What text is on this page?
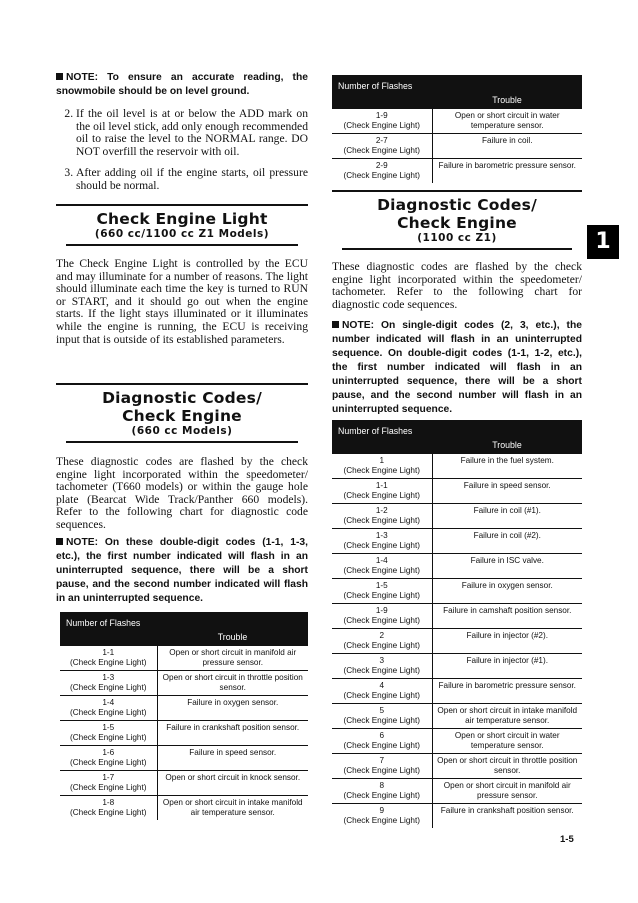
NOTE: To ensure an accurate reading, the snowmobile should be on level ground.
2. If the oil level is at or below the ADD mark on the oil level stick, add only enough recommended oil to raise the level to the NORMAL range. DO NOT overfill the reservoir with oil.
3. After adding oil if the engine starts, oil pressure should be normal.
Check Engine Light
(660 cc/1100 cc Z1 Models)

The Check Engine Light is controlled by the ECU and may illuminate for a number of reasons. The light should illuminate each time the key is turned to RUN or START, and it should go out when the engine starts. If the light stays illuminated or it illuminates while the engine is running, the ECU is receiving input that is outside of its established parameters.

Diagnostic Codes/
Check Engine
(660 cc Models)

These diagnostic codes are flashed by the check engine light incorporated within the speedometer/ tachometer (T660 models) or within the gauge hole plate (Bearcat Wide Track/Panther 660 models). Refer to the following chart for diagnostic code sequences.

NOTE: On these double-digit codes (1-1, 1-3, etc.), the first number indicated will flash in an uninterrupted sequence, there will be a short pause, and the second number indicated will flash in an uninterrupted sequence.
Number of Flashes	Trouble

1-1
(Check Engine Light)	Open or short circuit in manifold air pressure sensor.

1-3
(Check Engine Light)	Open or short circuit in throttle position sensor.

1-4
(Check Engine Light)	Failure in oxygen sensor.

1-5
(Check Engine Light)	Failure in crankshaft position sensor.

1-6
(Check Engine Light)	Failure in speed sensor.

1-7
(Check Engine Light)	Open or short circuit in knock sensor.

1-8
(Check Engine Light)	Open or short circuit in intake manifold air temperature sensor.
Number of Flashes	Trouble

1-9
(Check Engine Light)	Open or short circuit in water temperature sensor.

2-7
(Check Engine Light)	Failure in coil.

2-9
(Check Engine Light)	Failure in barometric pressure sensor.
Diagnostic Codes/
Check Engine
(1100 cc Z1)

These diagnostic codes are flashed by the check engine light incorporated within the speedometer/ tachometer. Refer to the following chart for diagnostic code sequences.

NOTE: On single-digit codes (2, 3, etc.), the number indicated will flash in an uninterrupted sequence. On double-digit codes (1-1, 1-2, etc.), the first number indicated will flash in an uninterrupted sequence, there will be a short pause, and the second number will flash in an uninterrupted sequence.
Number of Flashes	Trouble

1
(Check Engine Light)	Failure in the fuel system.

1-1
(Check Engine Light)	Failure in speed sensor.

1-2
(Check Engine Light)	Failure in coil (#1).

1-3
(Check Engine Light)	Failure in coil (#2).

1-4
(Check Engine Light)	Failure in ISC valve.

1-5
(Check Engine Light)	Failure in oxygen sensor.

1-9
(Check Engine Light)	Failure in camshaft position sensor.

2
(Check Engine Light)	Failure in injector (#2).

3
(Check Engine Light)	Failure in injector (#1).

4
(Check Engine Light)	Failure in barometric pressure sensor.

5
(Check Engine Light)	Open or short circuit in intake manifold air temperature sensor.

6
(Check Engine Light)	Open or short circuit in water temperature sensor.

7
(Check Engine Light)	Open or short circuit in throttle position sensor.

8
(Check Engine Light)	Open or short circuit in manifold air pressure sensor.

9
(Check Engine Light)	Failure in crankshaft position sensor.
1
1-5
